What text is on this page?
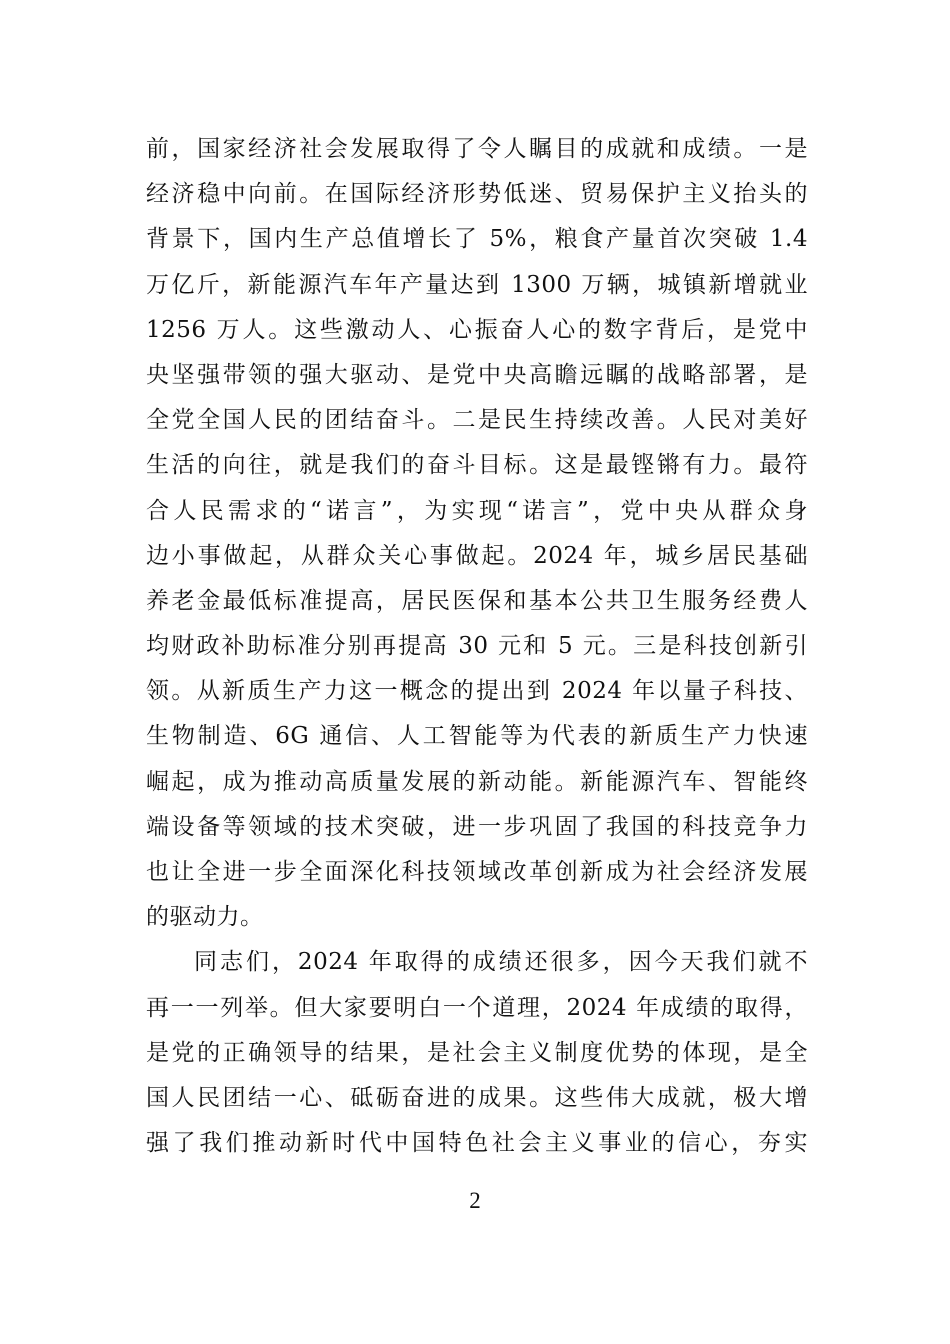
前，国家经济社会发展取得了令人瞩目的成就和成绩。一是
经济稳中向前。在国际经济形势低迷、贸易保护主义抬头的
背景下，国内生产总值增长了 5%，粮食产量首次突破 1.4
万亿斤，新能源汽车年产量达到 1300 万辆，城镇新增就业
1256 万人。这些激动人、心振奋人心的数字背后，是党中
央坚强带领的强大驱动、是党中央高瞻远瞩的战略部署，是
全党全国人民的团结奋斗。二是民生持续改善。人民对美好
生活的向往，就是我们的奋斗目标。这是最铿锵有力。最符
合人民需求的“诺言”，为实现“诺言”，党中央从群众身
边小事做起，从群众关心事做起。2024 年，城乡居民基础
养老金最低标准提高，居民医保和基本公共卫生服务经费人
均财政补助标准分别再提高 30 元和 5 元。三是科技创新引
领。从新质生产力这一概念的提出到 2024 年以量子科技、
生物制造、6G 通信、人工智能等为代表的新质生产力快速
崛起，成为推动高质量发展的新动能。新能源汽车、智能终
端设备等领域的技术突破，进一步巩固了我国的科技竞争力
也让全进一步全面深化科技领域改革创新成为社会经济发展
的驱动力。
同志们，2024 年取得的成绩还很多，因今天我们就不
再一一列举。但大家要明白一个道理，2024 年成绩的取得，
是党的正确领导的结果，是社会主义制度优势的体现，是全
国人民团结一心、砥砺奋进的成果。这些伟大成就，极大增
强了我们推动新时代中国特色社会主义事业的信心，夯实
2
